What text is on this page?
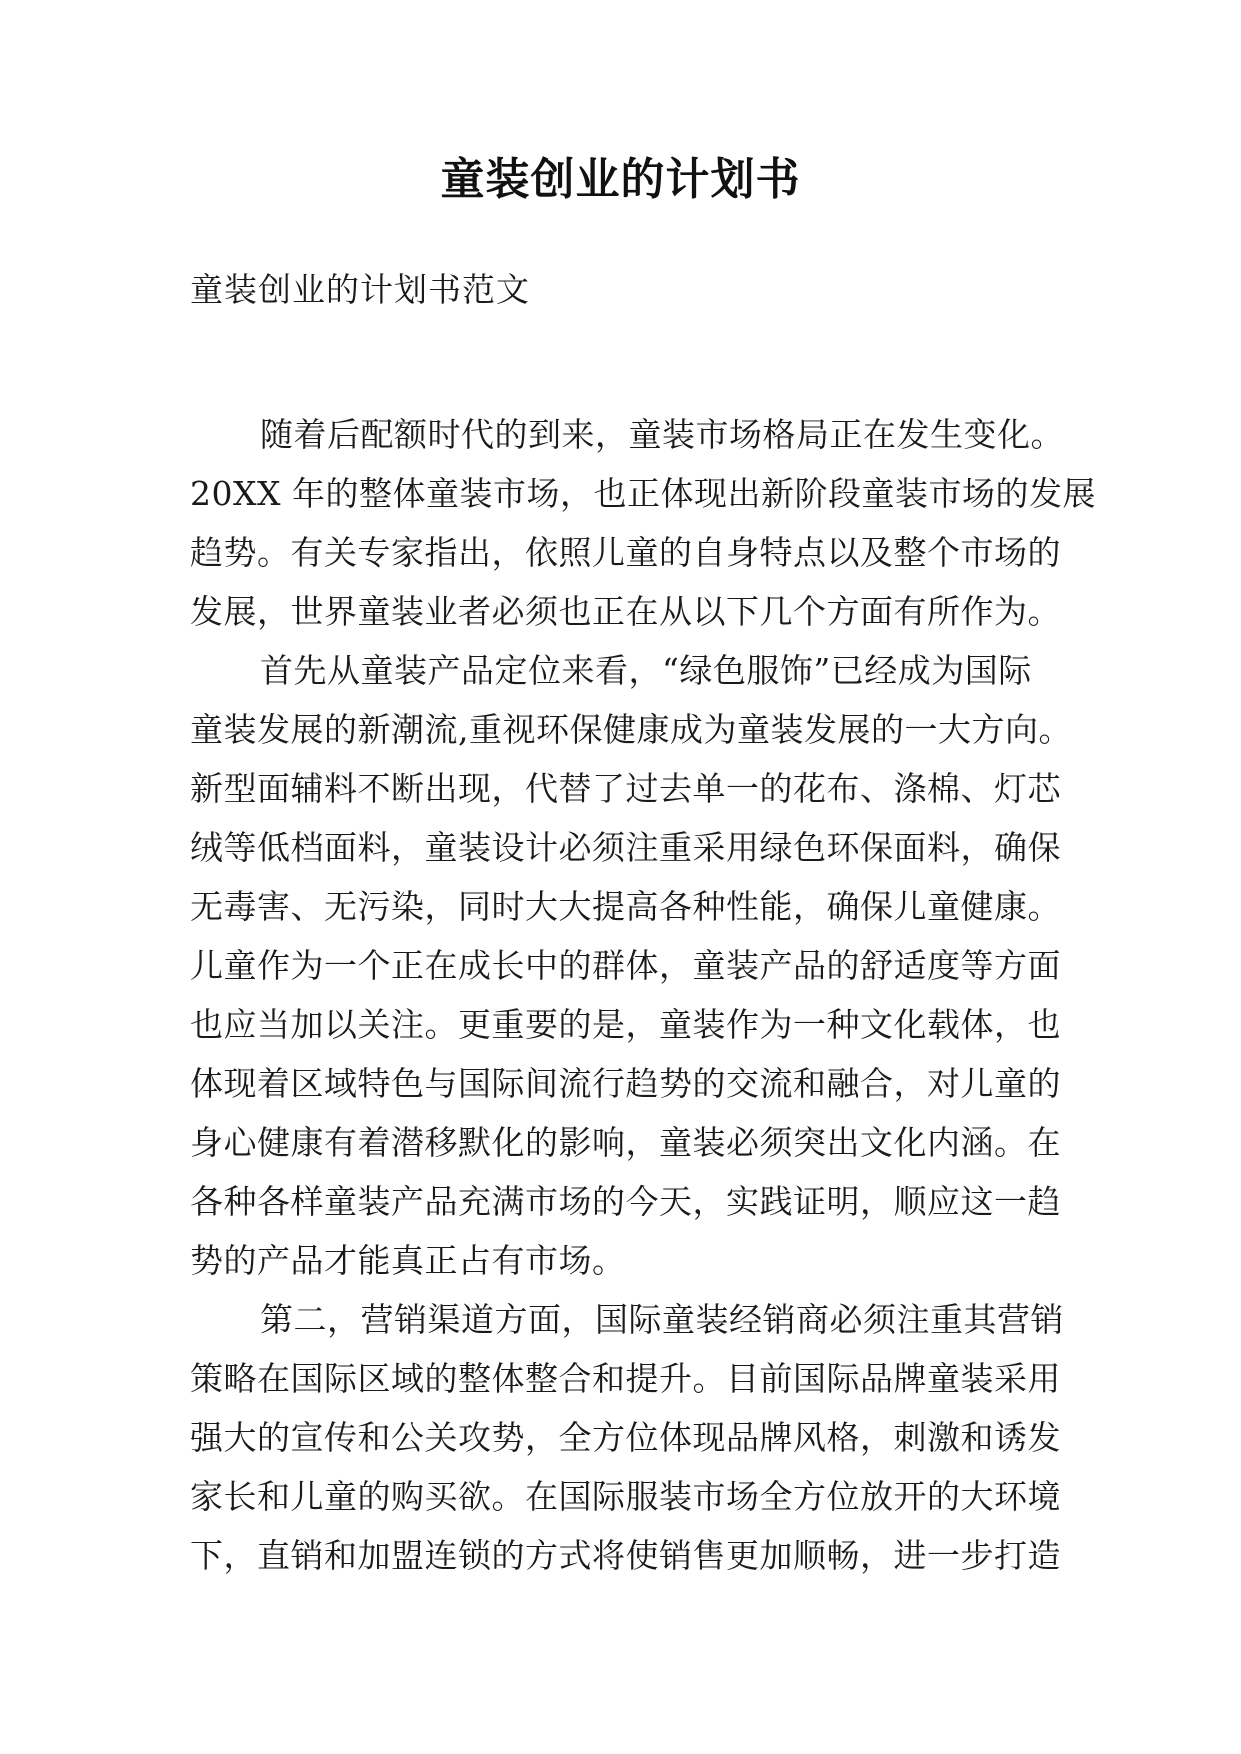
童装创业的计划书
童装创业的计划书范文
随着后配额时代的到来，童装市场格局正在发生变化。
20XX 年的整体童装市场，也正体现出新阶段童装市场的发展
趋势。有关专家指出，依照儿童的自身特点以及整个市场的
发展，世界童装业者必须也正在从以下几个方面有所作为。
首先从童装产品定位来看，“绿色服饰”已经成为国际
童装发展的新潮流,重视环保健康成为童装发展的一大方向。
新型面辅料不断出现，代替了过去单一的花布、涤棉、灯芯
绒等低档面料，童装设计必须注重采用绿色环保面料，确保
无毒害、无污染，同时大大提高各种性能，确保儿童健康。
儿童作为一个正在成长中的群体，童装产品的舒适度等方面
也应当加以关注。更重要的是，童装作为一种文化载体，也
体现着区域特色与国际间流行趋势的交流和融合，对儿童的
身心健康有着潜移默化的影响，童装必须突出文化内涵。在
各种各样童装产品充满市场的今天，实践证明，顺应这一趋
势的产品才能真正占有市场。
第二，营销渠道方面，国际童装经销商必须注重其营销
策略在国际区域的整体整合和提升。目前国际品牌童装采用
强大的宣传和公关攻势，全方位体现品牌风格，刺激和诱发
家长和儿童的购买欲。在国际服装市场全方位放开的大环境
下，直销和加盟连锁的方式将使销售更加顺畅，进一步打造
